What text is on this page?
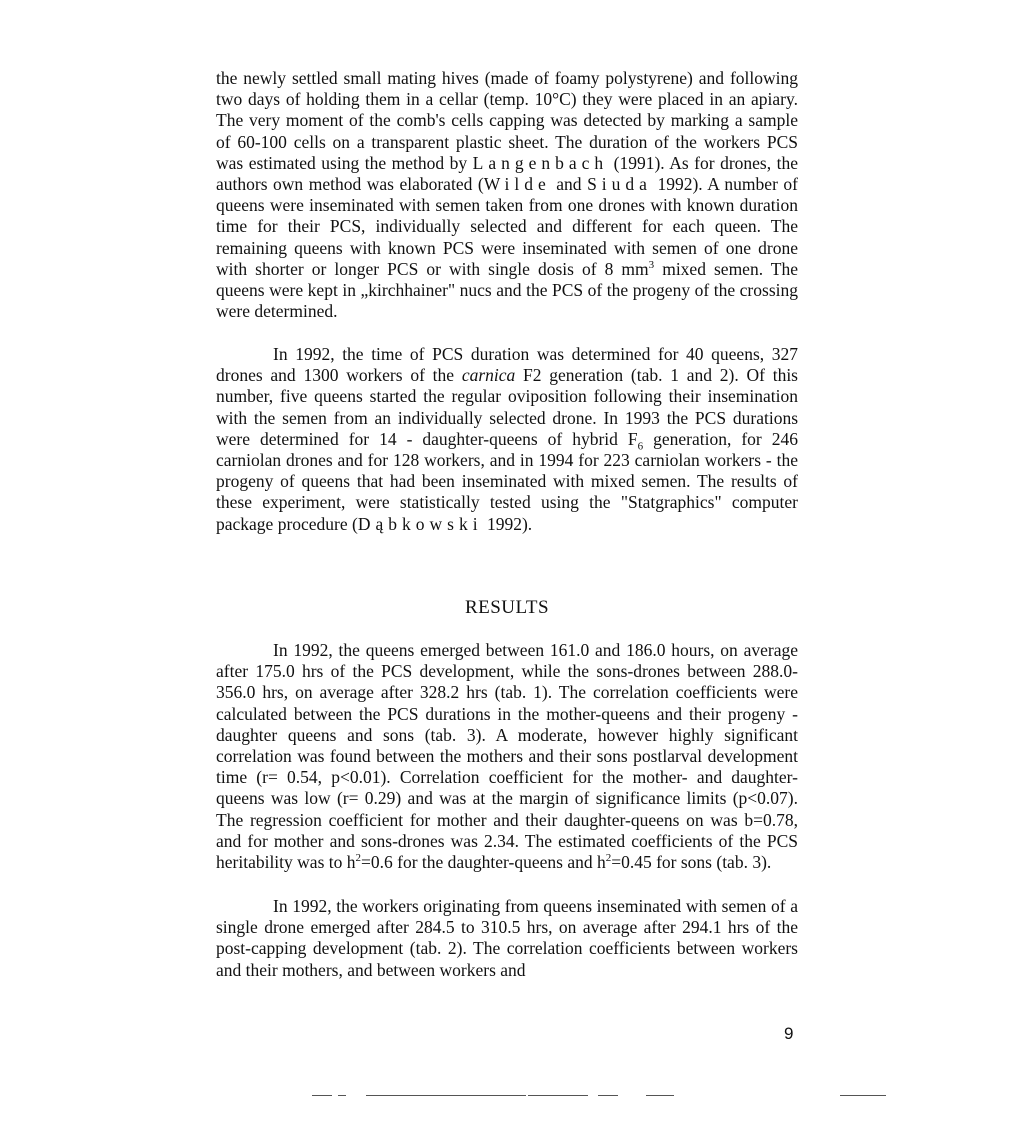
the newly settled small mating hives (made of foamy polystyrene) and following two days of holding them in a cellar (temp. 10°C) they were placed in an apiary. The very moment of the comb's cells capping was detected by marking a sample of 60-100 cells on a transparent plastic sheet. The duration of the workers PCS was estimated using the method by Langenbach (1991). As for drones, the authors own method was elaborated (Wilde and Siuda 1992). A number of queens were inseminated with semen taken from one drones with known duration time for their PCS, individually selected and different for each queen. The remaining queens with known PCS were inseminated with semen of one drone with shorter or longer PCS or with single dosis of 8 $mm^3$ mixed semen. The queens were kept in „kirchhainer" nucs and the PCS of the progeny of the crossing were determined.

In 1992, the time of PCS duration was determined for 40 queens, 327 drones and 1300 workers of the carnica F2 generation (tab. 1 and 2). Of this number, five queens started the regular oviposition following their insemination with the semen from an individually selected drone. In 1993 the PCS durations were determined for 14 - daughter-queens of hybrid $F_6$ generation, for 246 carniolan drones and for 128 workers, and in 1994 for 223 carniolan workers - the progeny of queens that had been inseminated with mixed semen. The results of these experiment, were statistically tested using the "Statgraphics" computer package procedure (Dąbkowski 1992).

RESULTS

In 1992, the queens emerged between 161.0 and 186.0 hours, on average after 175.0 hrs of the PCS development, while the sons-drones between 288.0-356.0 hrs, on average after 328.2 hrs (tab. 1). The correlation coefficients were calculated between the PCS durations in the mother-queens and their progeny - daughter queens and sons (tab. 3). A moderate, however highly significant correlation was found between the mothers and their sons postlarval development time (r= 0.54, p<0.01). Correlation coefficient for the mother- and daughter-queens was low (r= 0.29) and was at the margin of significance limits (p<0.07). The regression coefficient for mother and their daughter-queens on was b=0.78, and for mother and sons-drones was 2.34. The estimated coefficients of the PCS heritability was to $h^2=0.6$ for the daughter-queens and $h^2=0.45$ for sons (tab. 3).

In 1992, the workers originating from queens inseminated with semen of a single drone emerged after 284.5 to 310.5 hrs, on average after 294.1 hrs of the post-capping development (tab. 2). The correlation coefficients between workers and their mothers, and between workers and

9
